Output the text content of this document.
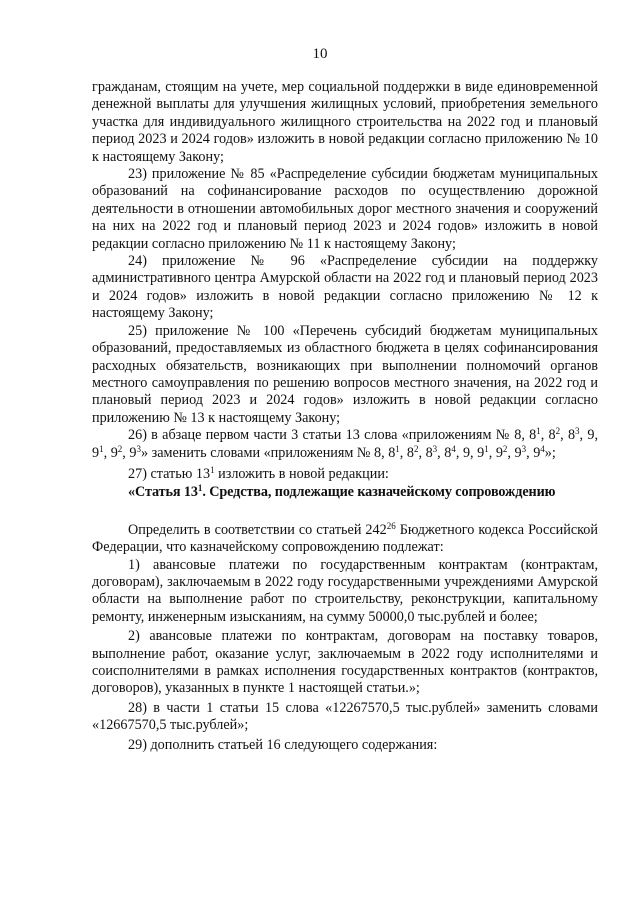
10

гражданам, стоящим на учете, мер социальной поддержки в виде единовременной денежной выплаты для улучшения жилищных условий, приобретения земельного участка для индивидуального жилищного строительства на 2022 год и плановый период 2023 и 2024 годов» изложить в новой редакции согласно приложению № 10 к настоящему Закону;

23) приложение № 85 «Распределение субсидии бюджетам муниципальных образований на софинансирование расходов по осуществлению дорожной деятельности в отношении автомобильных дорог местного значения и сооружений на них на 2022 год и плановый период 2023 и 2024 годов» изложить в новой редакции согласно приложению № 11 к настоящему Закону;

24) приложение № 96 «Распределение субсидии на поддержку административного центра Амурской области на 2022 год и плановый период 2023 и 2024 годов» изложить в новой редакции согласно приложению № 12 к настоящему Закону;

25) приложение № 100 «Перечень субсидий бюджетам муниципальных образований, предоставляемых из областного бюджета в целях софинансирования расходных обязательств, возникающих при выполнении полномочий органов местного самоуправления по решению вопросов местного значения, на 2022 год и плановый период 2023 и 2024 годов» изложить в новой редакции согласно приложению № 13 к настоящему Закону;

26) в абзаце первом части 3 статьи 13 слова «приложениям № 8, $8^1$, $8^2$, $8^3$, 9, $9^1$, $9^2$, $9^3$» заменить словами «приложениям № 8, $8^1$, $8^2$, $8^3$, $8^4$, 9, $9^1$, $9^2$, $9^3$, $9^4$»;

27) статью $13^1$ изложить в новой редакции:

«Статья $13^1$. Средства, подлежащие казначейскому сопровождению

Определить в соответствии со статьей $242^{26}$ Бюджетного кодекса Российской Федерации, что казначейскому сопровождению подлежат:

1) авансовые платежи по государственным контрактам (контрактам, договорам), заключаемым в 2022 году государственными учреждениями Амурской области на выполнение работ по строительству, реконструкции, капитальному ремонту, инженерным изысканиям, на сумму 50000,0 тыс.рублей и более;

2) авансовые платежи по контрактам, договорам на поставку товаров, выполнение работ, оказание услуг, заключаемым в 2022 году исполнителями и соисполнителями в рамках исполнения государственных контрактов (контрактов, договоров), указанных в пункте 1 настоящей статьи.»;

28) в части 1 статьи 15 слова «12267570,5 тыс.рублей» заменить словами «12667570,5 тыс.рублей»;

29) дополнить статьей 16 следующего содержания:
